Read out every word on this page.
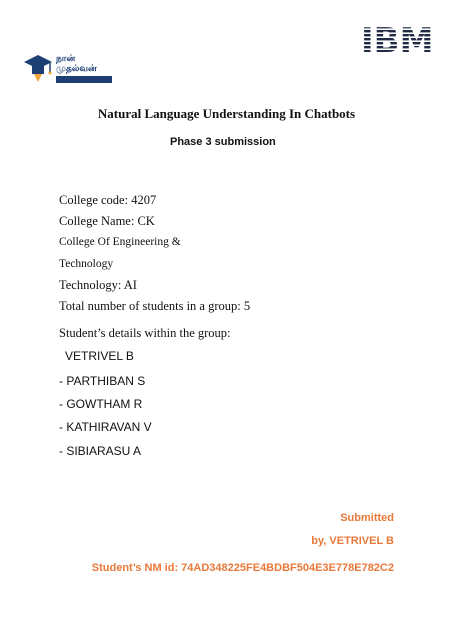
நான் முதல்வன்
IBM

Natural Language Understanding In Chatbots

Phase 3 submission

College code: 4207

College Name: CK

College Of Engineering &

Technology

Technology: AI

Total number of students in a group: 5

Student’s details within the group:

VETRIVEL B

- PARTHIBAN S

- GOWTHAM R

- KATHIRAVAN V

- SIBIARASU A

Submitted

by, VETRIVEL B

Student’s NM id: 74AD348225FE4BDBF504E3E778E782C2
